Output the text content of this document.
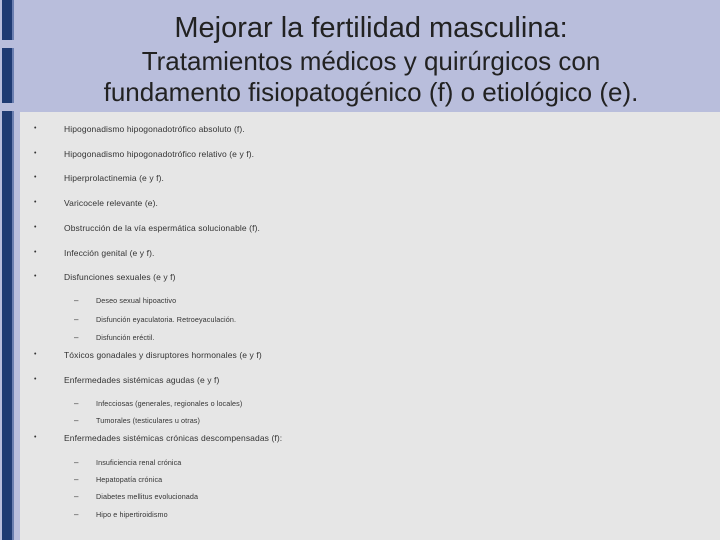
Mejorar la fertilidad masculina:
Tratamientos médicos y quirúrgicos con
fundamento fisiopatogénico (f) o etiológico (e).
•	Hipogonadismo hipogonadotrófico absoluto (f).
•	Hipogonadismo hipogonadotrófico relativo (e y f).
•	Hiperprolactinemia (e y f).
•	Varicocele relevante (e).
•	Obstrucción de la vía espermática solucionable (f).
•	Infección genital (e y f).
•	Disfunciones sexuales (e y f)
– Deseo sexual hipoactivo
– Disfunción eyaculatoria. Retroeyaculación.
– Disfunción eréctil.
•	Tóxicos gonadales y disruptores hormonales (e y f)
•	Enfermedades sistémicas agudas (e y f)
– Infecciosas (generales, regionales o locales)
– Tumorales (testiculares u otras)
•	Enfermedades sistémicas crónicas descompensadas (f):
– Insuficiencia renal crónica
– Hepatopatía crónica
– Diabetes mellitus evolucionada
– Hipo e hipertiroidismo
